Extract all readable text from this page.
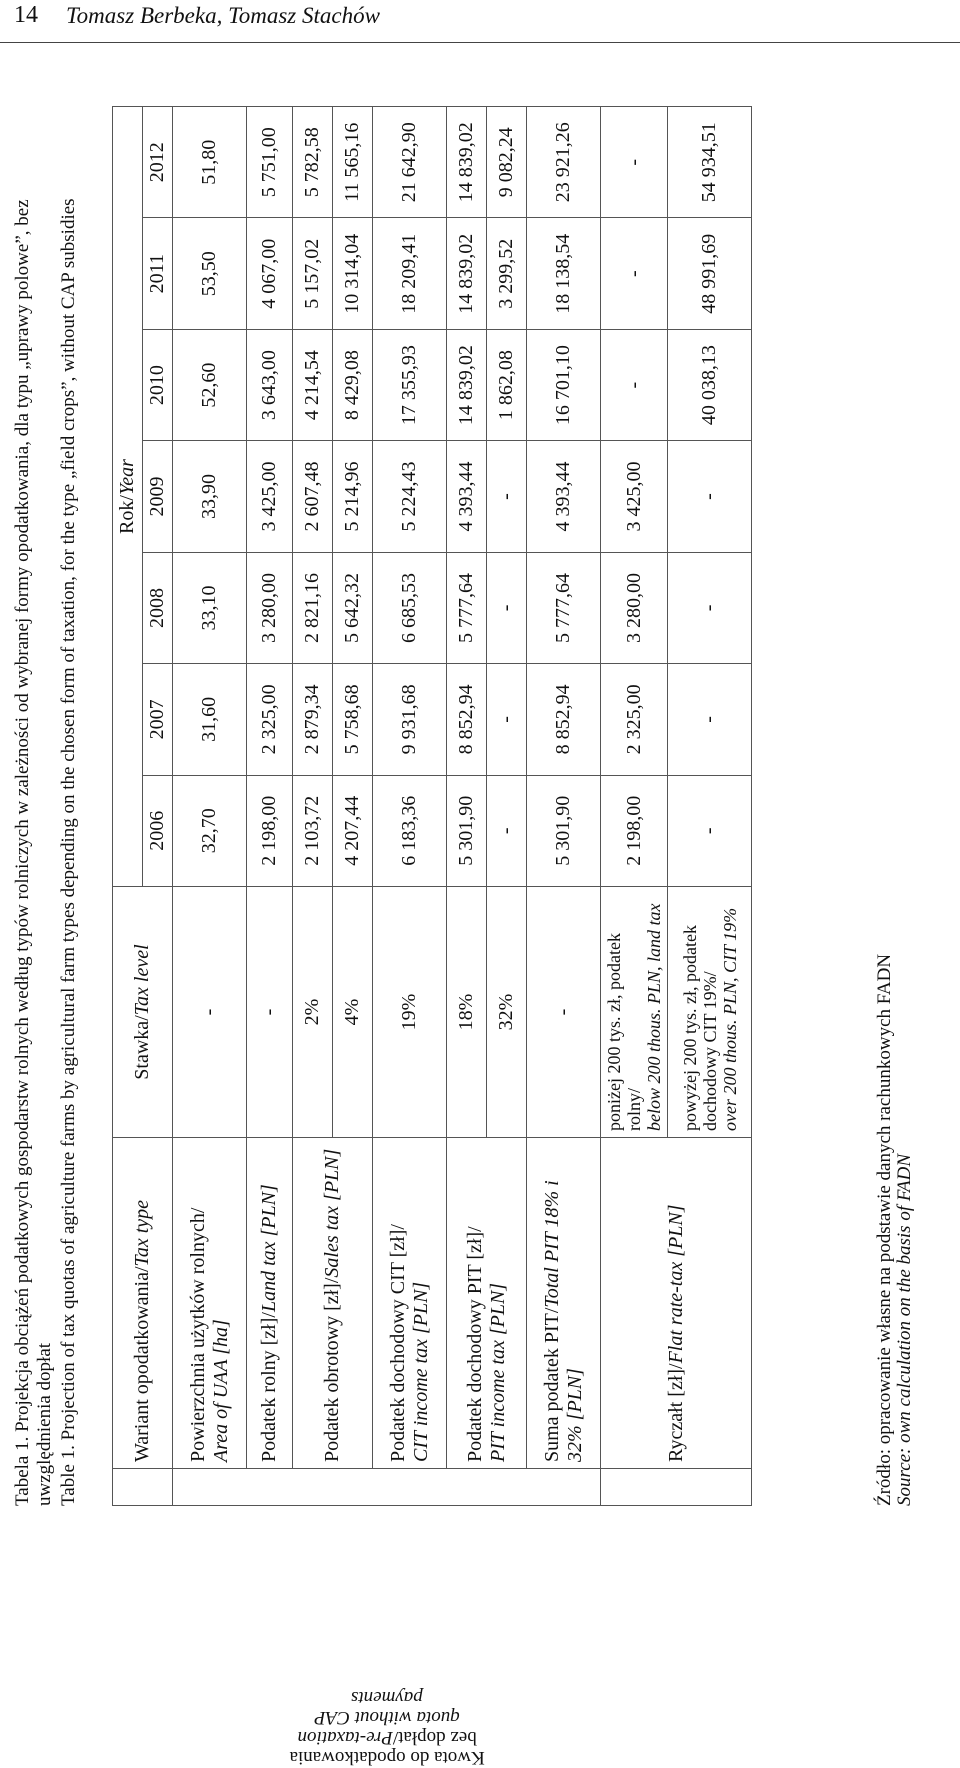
14 Tomasz Berbeka, Tomasz Stachów
Tabela 1. Projekcja obciążeń podatkowych gospodarstw rolnych według typów rolniczych w zależności od wybranej formy opodatkowania, dla typu „uprawy polowe”, bez uwzględnienia dopłat Table 1. Projection of tax quotas of agriculture farms by agricultural farm types depending on the chosen form of taxation, for the type „field crops”, without CAP subsidies
		Wariant opodatkowania/Tax type	Stawka/Tax level	Rok/Year						
			2006	2007	2008	2009	2010	2011	2012

Kwota do opodatkowania bez dopłat/Pre-taxation quota without CAP payments	Powierzchnia użytków rolnych/
Area of UAA [ha]	-	32,70	31,60	33,10	33,90	52,60	53,50	51,80
	Podatek rolny [zł]/Land tax [PLN]	-	2 198,00	2 325,00	3 280,00	3 425,00	3 643,00	4 067,00	5 751,00
	Podatek obrotowy [zł]/Sales tax [PLN]	2%	2 103,72	2 879,34	2 821,16	2 607,48	4 214,54	5 157,02	5 782,58
		4%	4 207,44	5 758,68	5 642,32	5 214,96	8 429,08	10 314,04	11 565,16
	Podatek dochodowy CIT [zł]/
CIT income tax [PLN]	19%	6 183,36	9 931,68	6 685,53	5 224,43	17 355,93	18 209,41	21 642,90
	Podatek dochodowy PIT [zł]/
PIT income tax [PLN]	18%	5 301,90	8 852,94	5 777,64	4 393,44	14 839,02	14 839,02	14 839,02
		32%	-	-	-	-	1 862,08	3 299,52	9 082,24
	Suma podatek PIT/Total PIT 18% i 32% [PLN]	-	5 301,90	8 852,94	5 777,64	4 393,44	16 701,10	18 138,54	23 921,26
	Ryczałt [zł]/Flat rate-tax [PLN]	poniżej 200 tys. zł, podatek rolny/
below 200 thous. PLN, land tax	2 198,00	2 325,00	3 280,00	3 425,00	-	-	-
		powyżej 200 tys. zł, podatek dochodowy CIT 19%/
over 200 thous. PLN, CIT 19%	-	-	-	-	40 038,13	48 991,69	54 934,51
Źródło: opracowanie własne na podstawie danych rachunkowych FADN Source: own calculation on the basis of FADN
